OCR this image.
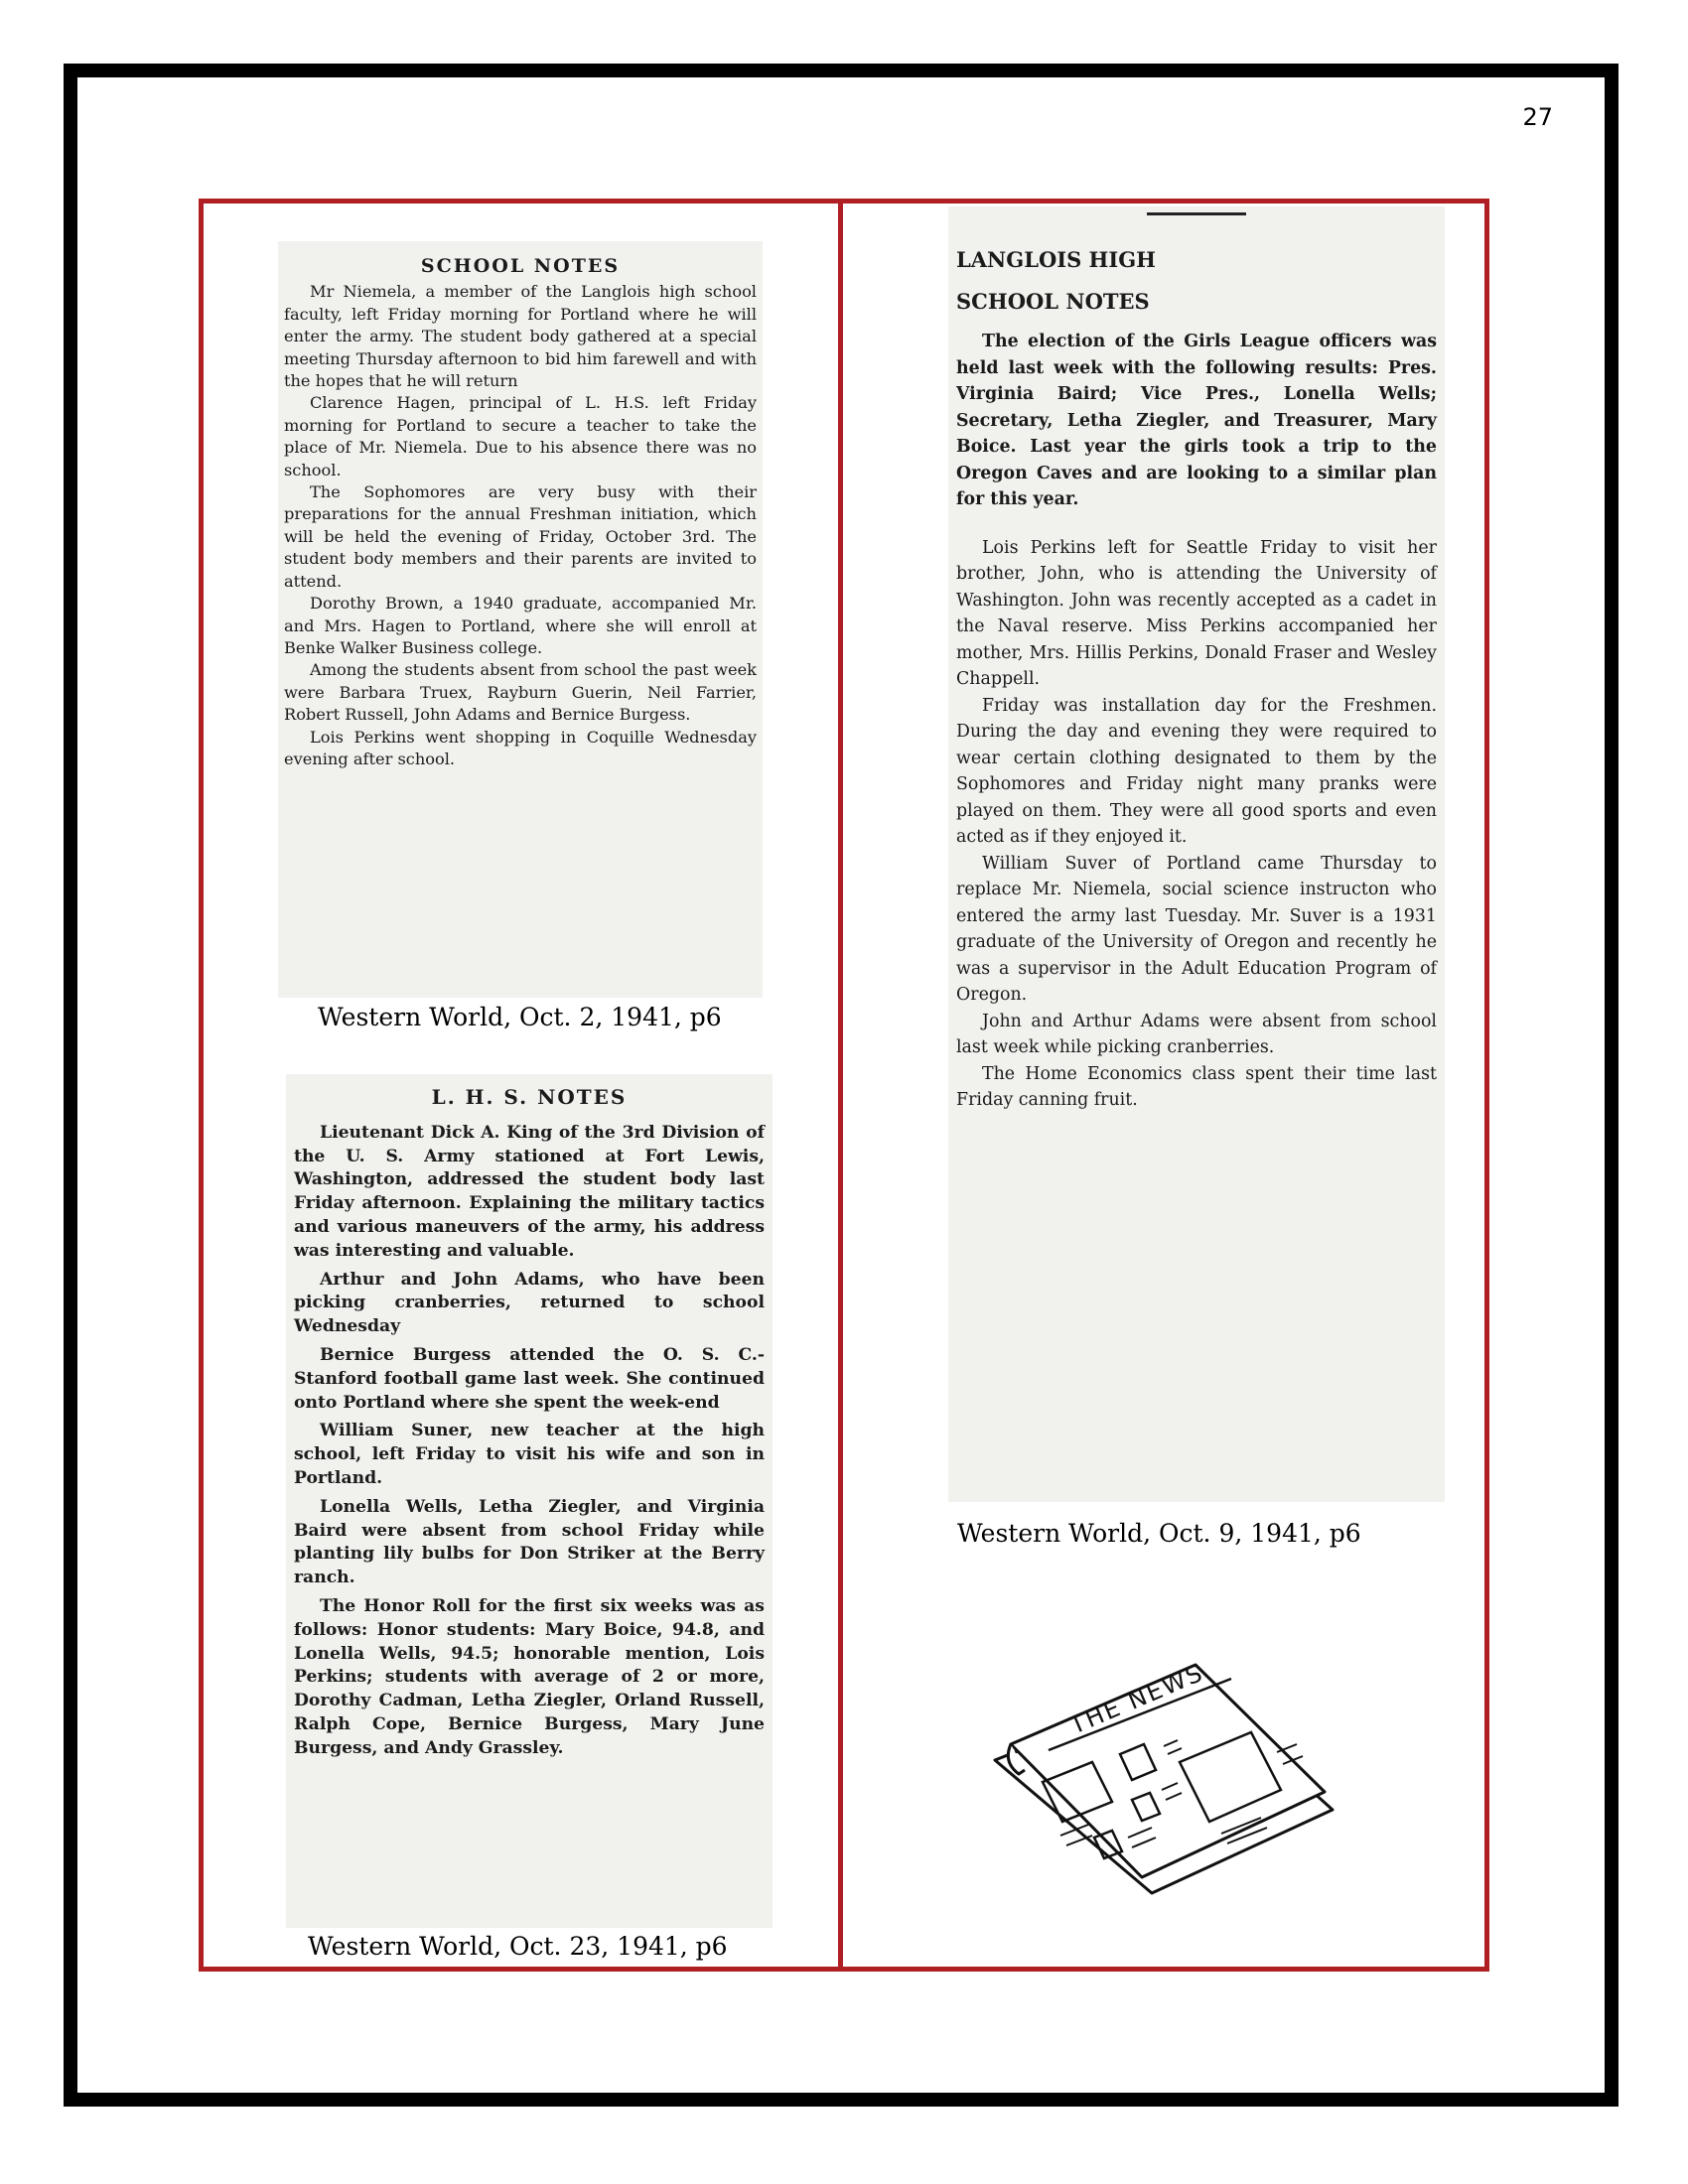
27
SCHOOL NOTES

Mr Niemela, a member of the Langlois high school faculty, left Friday morning for Portland where he will enter the army. The student body gathered at a special meeting Thursday afternoon to bid him farewell and with the hopes that he will return

Clarence Hagen, principal of L. H.S. left Friday morning for Portland to secure a teacher to take the place of Mr. Niemela. Due to his absence there was no school.

The Sophomores are very busy with their preparations for the annual Freshman initiation, which will be held the evening of Friday, October 3rd. The student body members and their parents are invited to attend.

Dorothy Brown, a 1940 graduate, accompanied Mr. and Mrs. Hagen to Portland, where she will enroll at Benke Walker Business college.

Among the students absent from school the past week were Barbara Truex, Rayburn Guerin, Neil Farrier, Robert Russell, John Adams and Bernice Burgess.

Lois Perkins went shopping in Coquille Wednesday evening after school.

Western World, Oct. 2, 1941, p6
L. H. S. NOTES

Lieutenant Dick A. King of the 3rd Division of the U. S. Army stationed at Fort Lewis, Washington, addressed the student body last Friday afternoon. Explaining the military tactics and various maneuvers of the army, his address was interesting and valuable.

Arthur and John Adams, who have been picking cranberries, returned to school Wednesday

Bernice Burgess attended the O. S. C.-Stanford football game last week. She continued onto Portland where she spent the week-end

William Suner, new teacher at the high school, left Friday to visit his wife and son in Portland.

Lonella Wells, Letha Ziegler, and Virginia Baird were absent from school Friday while planting lily bulbs for Don Striker at the Berry ranch.

The Honor Roll for the first six weeks was as follows: Honor students: Mary Boice, 94.8, and Lonella Wells, 94.5; honorable mention, Lois Perkins; students with average of 2 or more, Dorothy Cadman, Letha Ziegler, Orland Russell, Ralph Cope, Bernice Burgess, Mary June Burgess, and Andy Grassley.

Western World, Oct. 23, 1941, p6
LANGLOIS HIGH
SCHOOL NOTES

The election of the Girls League officers was held last week with the following results: Pres. Virginia Baird; Vice Pres., Lonella Wells; Secretary, Letha Ziegler, and Treasurer, Mary Boice. Last year the girls took a trip to the Oregon Caves and are looking to a similar plan for this year.

Lois Perkins left for Seattle Friday to visit her brother, John, who is attending the University of Washington. John was recently accepted as a cadet in the Naval reserve. Miss Perkins accompanied her mother, Mrs. Hillis Perkins, Donald Fraser and Wesley Chappell.

Friday was installation day for the Freshmen. During the day and evening they were required to wear certain clothing designated to them by the Sophomores and Friday night many pranks were played on them. They were all good sports and even acted as if they enjoyed it.

William Suver of Portland came Thursday to replace Mr. Niemela, social science instructon who entered the army last Tuesday. Mr. Suver is a 1931 graduate of the University of Oregon and recently he was a supervisor in the Adult Education Program of Oregon.

John and Arthur Adams were absent from school last week while picking cranberries.

The Home Economics class spent their time last Friday canning fruit.

Western World, Oct. 9, 1941, p6
THE NEWS
